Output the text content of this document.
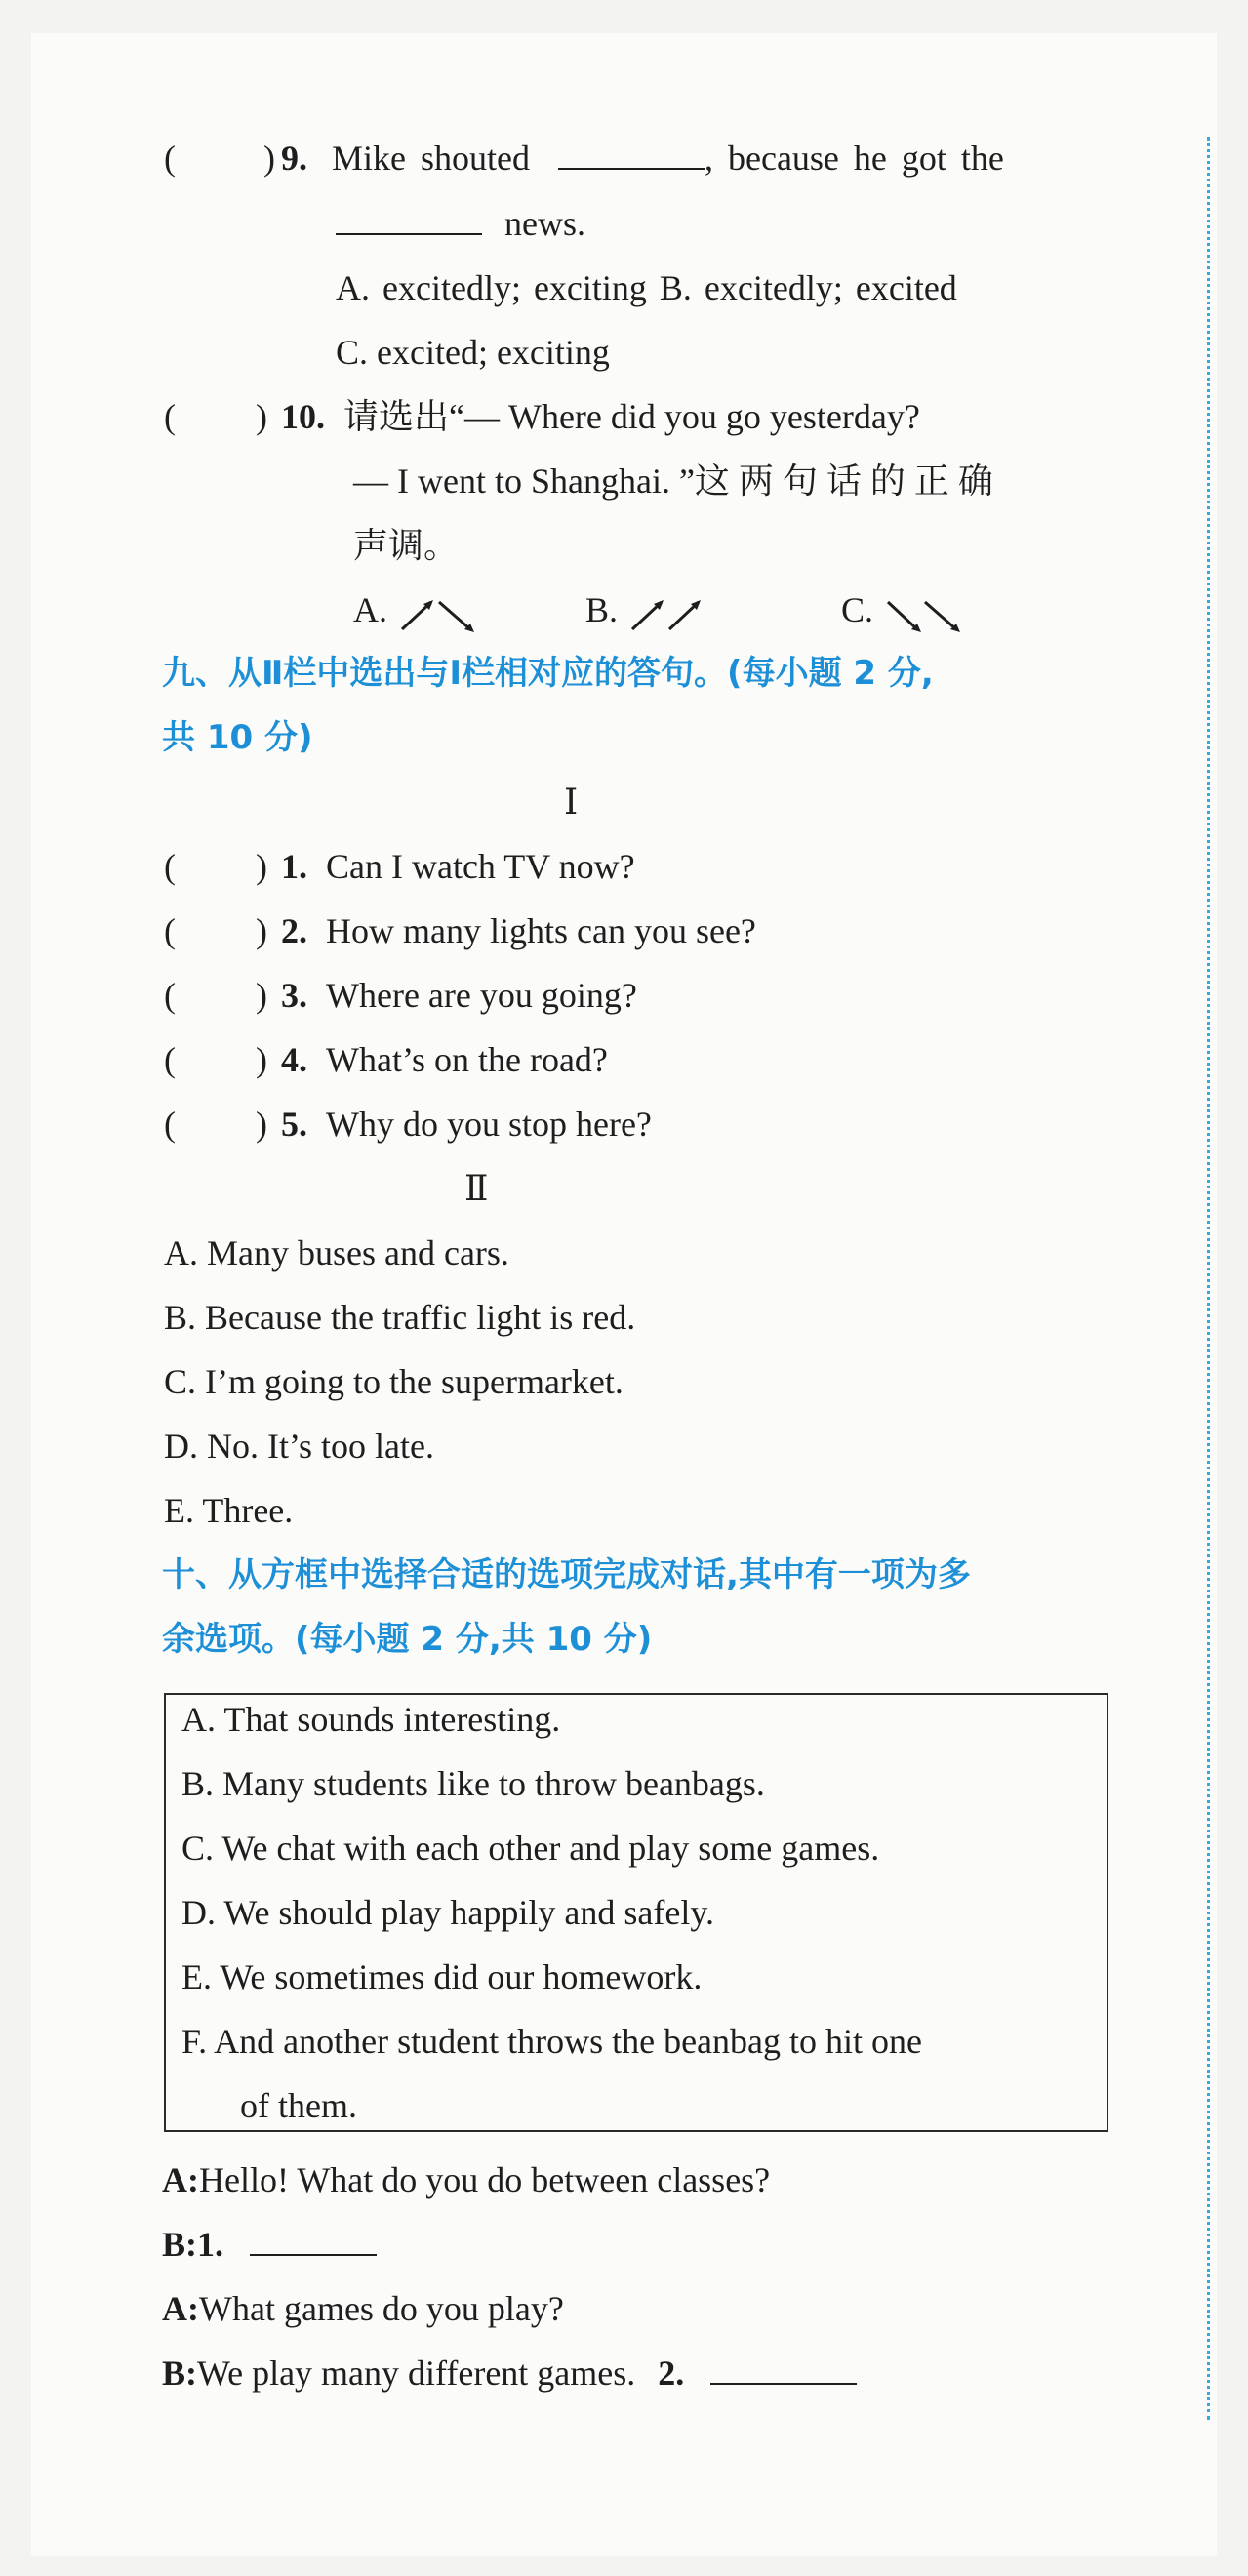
(	) 9. Mike shouted	, because he got the
news.
A. excitedly; exciting B. excitedly; excited
C. excited; exciting
( ) 10. 请选出“— Where did you go yesterday?
— I went to Shanghai. ”这 两 句 话 的 正 确
声调。
A.	B.	C.
九、从Ⅱ栏中选出与Ⅰ栏相对应的答句。(每小题 2 分,
共 10 分)
Ⅰ
( ) 1. Can I watch TV now?
( ) 2. How many lights can you see?
( ) 3. Where are you going?
( ) 4. What’s on the road?
( ) 5. Why do you stop here?
Ⅱ
A. Many buses and cars.
B. Because the traffic light is red.
C. I’m going to the supermarket.
D. No. It’s too late.
E. Three.
十、从方框中选择合适的选项完成对话,其中有一项为多
余选项。(每小题 2 分,共 10 分)
A. That sounds interesting.
B. Many students like to throw beanbags.
C. We chat with each other and play some games.
D. We should play happily and safely.
E. We sometimes did our homework.
F. And another student throws the beanbag to hit one
of them.
A:Hello! What do you do between classes?
B:1.
A:What games do you play?
B:We play many different games. 2.
